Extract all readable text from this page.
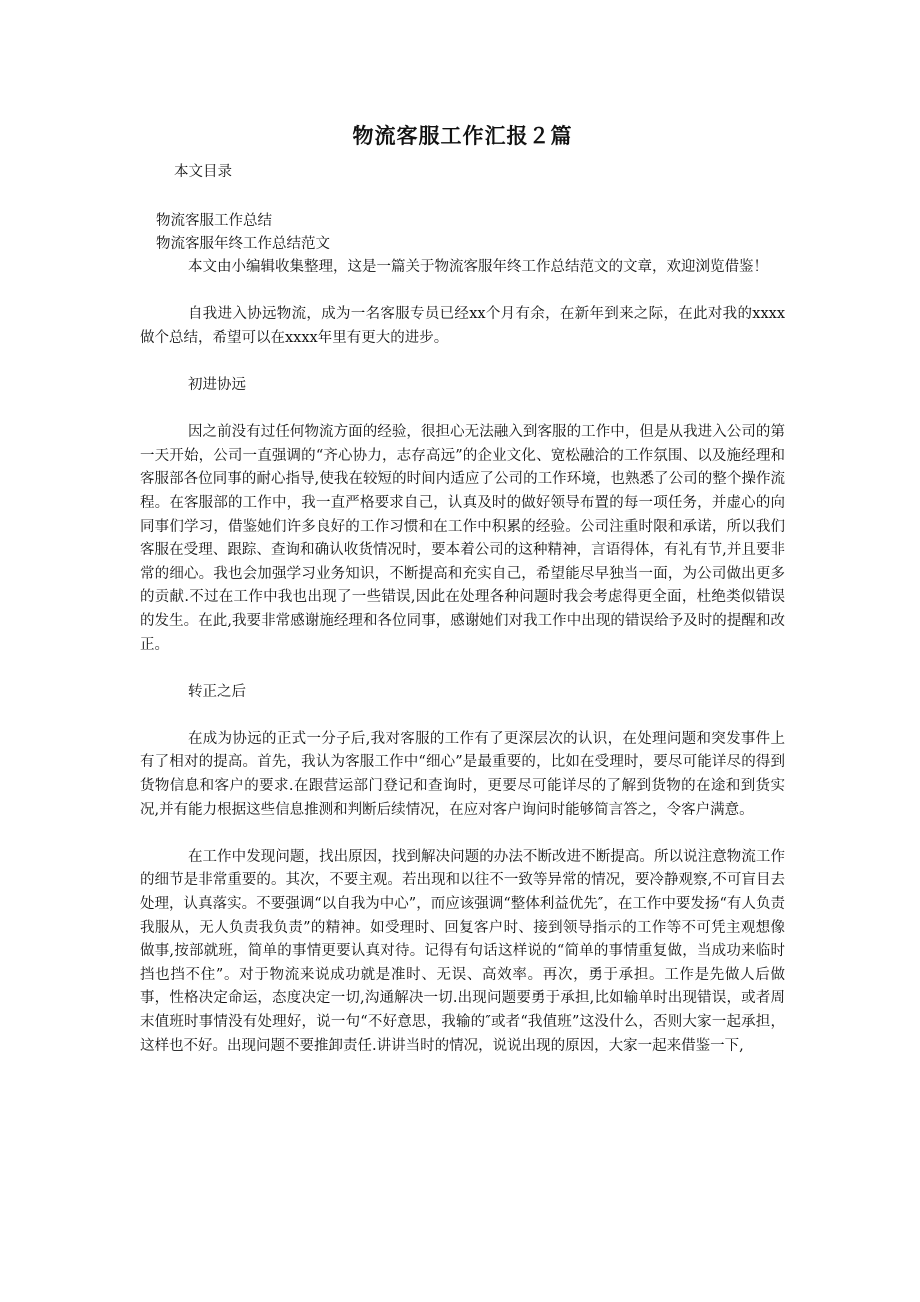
物流客服工作汇报２篇
本文目录
物流客服工作总结
物流客服年终工作总结范文

本文由小编辑收集整理，这是一篇关于物流客服年终工作总结范文的文章，欢迎浏览借鉴！

自我进入协远物流，成为一名客服专员已经xx个月有余，在新年到来之际，在此对我的xxxx做个总结，希望可以在xxxx年里有更大的进步。

初进协远

因之前没有过任何物流方面的经验，很担心无法融入到客服的工作中，但是从我进入公司的第一天开始，公司一直强调的“齐心协力，志存高远”的企业文化、宽松融洽的工作氛围、以及施经理和客服部各位同事的耐心指导,使我在较短的时间内适应了公司的工作环境，也熟悉了公司的整个操作流程。在客服部的工作中，我一直严格要求自己，认真及时的做好领导布置的每一项任务，并虚心的向同事们学习，借鉴她们许多良好的工作习惯和在工作中积累的经验。公司注重时限和承诺，所以我们客服在受理、跟踪、查询和确认收货情况时，要本着公司的这种精神，言语得体，有礼有节,并且要非常的细心。我也会加强学习业务知识，不断提高和充实自己，希望能尽早独当一面，为公司做出更多的贡献.不过在工作中我也出现了一些错误,因此在处理各种问题时我会考虑得更全面，杜绝类似错误的发生。在此,我要非常感谢施经理和各位同事，感谢她们对我工作中出现的错误给予及时的提醒和改正。

转正之后

在成为协远的正式一分子后,我对客服的工作有了更深层次的认识，在处理问题和突发事件上有了相对的提高。首先，我认为客服工作中“细心”是最重要的，比如在受理时，要尽可能详尽的得到货物信息和客户的要求.在跟营运部门登记和查询时，更要尽可能详尽的了解到货物的在途和到货实况,并有能力根据这些信息推测和判断后续情况，在应对客户询问时能够简言答之，令客户满意。

在工作中发现问题，找出原因，找到解决问题的办法不断改进不断提高。所以说注意物流工作的细节是非常重要的。其次，不要主观。若出现和以往不一致等异常的情况，要冷静观察,不可盲目去处理，认真落实。不要强调“以自我为中心”，而应该强调“整体利益优先″，在工作中要发扬“有人负责我服从，无人负责我负责”的精神。如受理时、回复客户时、接到领导指示的工作等不可凭主观想像做事,按部就班，简单的事情更要认真对待。记得有句话这样说的“简单的事情重复做，当成功来临时挡也挡不住”。对于物流来说成功就是准时、无误、高效率。再次，勇于承担。工作是先做人后做事，性格决定命运，态度决定一切,沟通解决一切.出现问题要勇于承担,比如输单时出现错误，或者周末值班时事情没有处理好，说一句“不好意思，我输的″或者“我值班”这没什么，否则大家一起承担，这样也不好。出现问题不要推卸责任.讲讲当时的情况，说说出现的原因，大家一起来借鉴一下,
